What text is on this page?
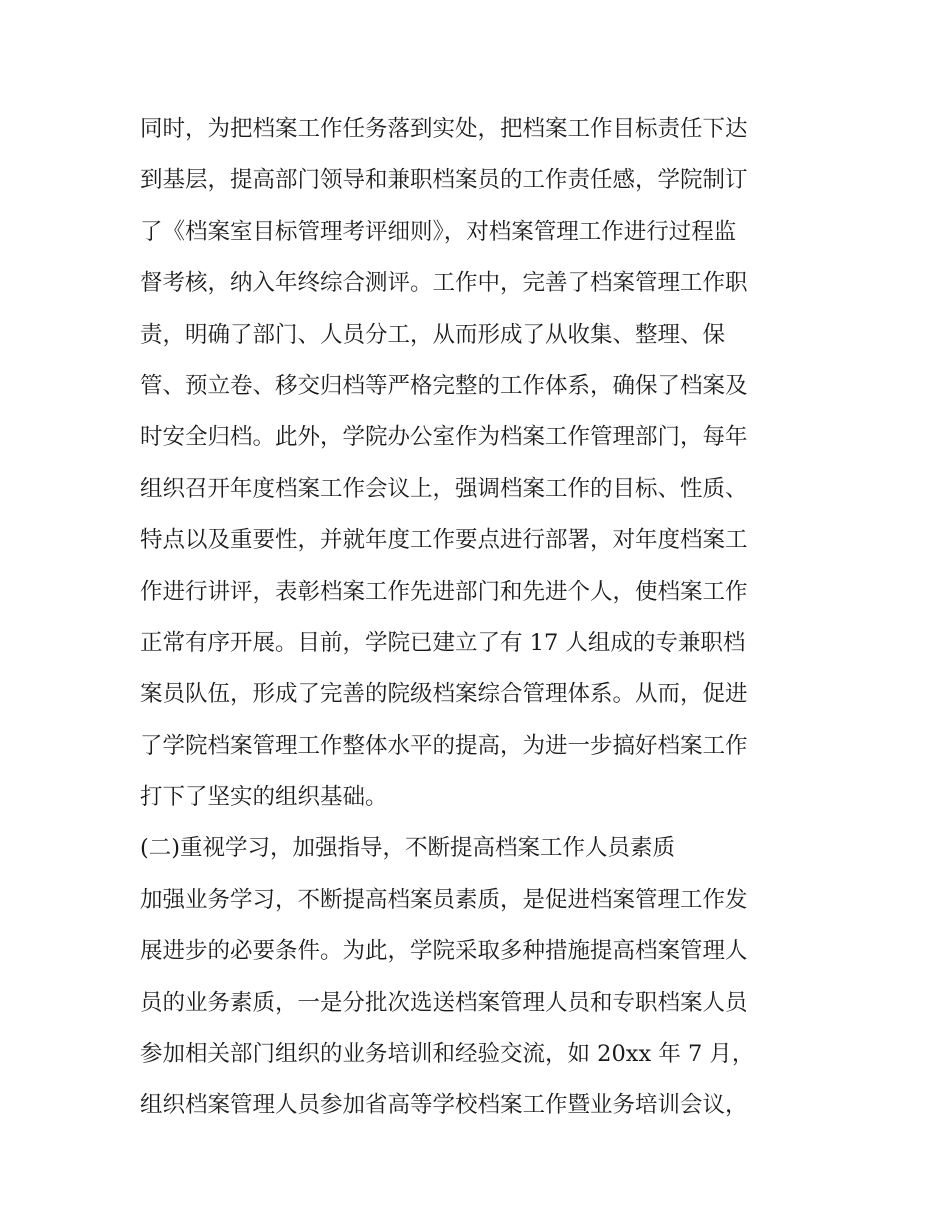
同时，为把档案工作任务落到实处，把档案工作目标责任下达
到基层，提高部门领导和兼职档案员的工作责任感，学院制订
了《档案室目标管理考评细则》，对档案管理工作进行过程监
督考核，纳入年终综合测评。工作中，完善了档案管理工作职
责，明确了部门、人员分工，从而形成了从收集、整理、保
管、预立卷、移交归档等严格完整的工作体系，确保了档案及
时安全归档。此外，学院办公室作为档案工作管理部门，每年
组织召开年度档案工作会议上，强调档案工作的目标、性质、
特点以及重要性，并就年度工作要点进行部署，对年度档案工
作进行讲评，表彰档案工作先进部门和先进个人，使档案工作
正常有序开展。目前，学院已建立了有 17 人组成的专兼职档
案员队伍，形成了完善的院级档案综合管理体系。从而，促进
了学院档案管理工作整体水平的提高，为进一步搞好档案工作
打下了坚实的组织基础。
(二)重视学习，加强指导，不断提高档案工作人员素质
加强业务学习，不断提高档案员素质，是促进档案管理工作发
展进步的必要条件。为此，学院采取多种措施提高档案管理人
员的业务素质，一是分批次选送档案管理人员和专职档案人员
参加相关部门组织的业务培训和经验交流，如 20xx 年 7 月，
组织档案管理人员参加省高等学校档案工作暨业务培训会议，
